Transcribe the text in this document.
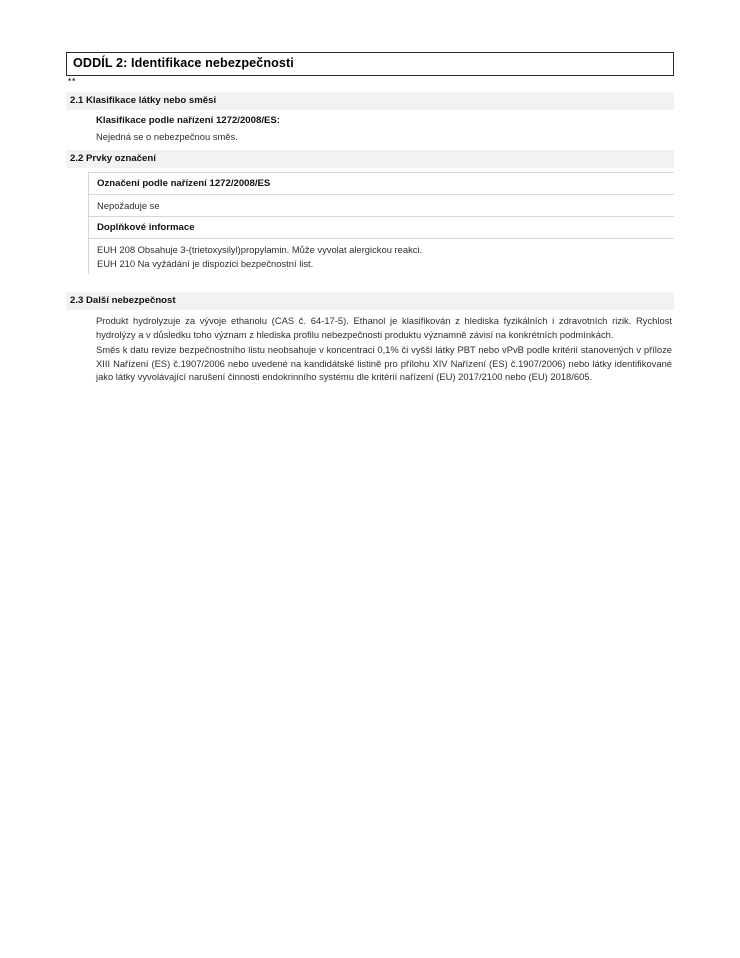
ODDÍL 2: Identifikace nebezpečnosti
**
2.1 Klasifikace látky nebo směsi
Klasifikace podle nařízení 1272/2008/ES:
Nejedná se o nebezpečnou směs.
2.2 Prvky označení
Označení podle nařízení 1272/2008/ES
Nepožaduje se
Doplňkové informace
EUH 208 Obsahuje 3-(trietoxysilyl)propylamin. Může vyvolat alergickou reakci.
EUH 210 Na vyžádání je dispozici bezpečnostní list.
2.3 Další nebezpečnost

Produkt hydrolyzuje za vývoje ethanolu (CAS č. 64-17-5). Ethanol je klasifikován z hlediska fyzikálních i zdravotních rizik. Rychlost hydrolýzy a v důsledku toho význam z hlediska profilu nebezpečnosti produktu významně závisí na konkrétních podmínkách.

Směs k datu revize bezpečnostního listu neobsahuje v koncentraci 0,1% či vyšší látky PBT nebo vPvB podle kritérií stanovených v příloze XIII Nařízení (ES) č.1907/2006 nebo uvedené na kandidátské listině pro přílohu XIV Nařízení (ES) č.1907/2006) nebo látky identifikované jako látky vyvolávající narušení činnosti endokrinního systému dle kritérií nařízení (EU) 2017/2100 nebo (EU) 2018/605.
